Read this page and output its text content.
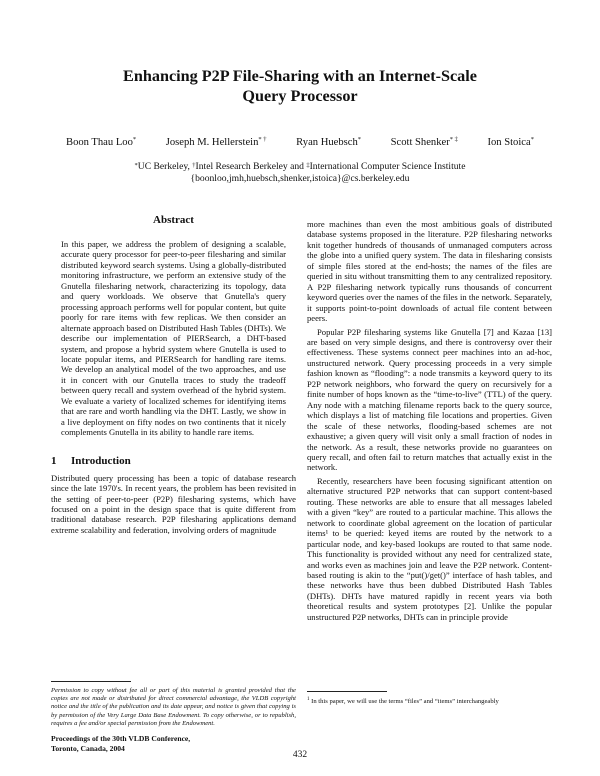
Enhancing P2P File-Sharing with an Internet-Scale
Query Processor
Boon Thau Loo*	Joseph M. Hellerstein* †	Ryan Huebsch*	Scott Shenker* ‡	Ion Stoica*
*UC Berkeley, †Intel Research Berkeley and ‡International Computer Science Institute
{boonloo,jmh,huebsch,shenker,istoica}@cs.berkeley.edu
Abstract

In this paper, we address the problem of designing a scalable, accurate query processor for peer-to-peer filesharing and similar distributed keyword search systems. Using a globally-distributed monitoring infrastructure, we perform an extensive study of the Gnutella filesharing network, characterizing its topology, data and query workloads. We observe that Gnutella's query processing approach performs well for popular content, but quite poorly for rare items with few replicas. We then consider an alternate approach based on Distributed Hash Tables (DHTs). We describe our implementation of PIERSearch, a DHT-based system, and propose a hybrid system where Gnutella is used to locate popular items, and PIERSearch for handling rare items. We develop an analytical model of the two approaches, and use it in concert with our Gnutella traces to study the tradeoff between query recall and system overhead of the hybrid system. We evaluate a variety of localized schemes for identifying items that are rare and worth handling via the DHT. Lastly, we show in a live deployment on fifty nodes on two continents that it nicely complements Gnutella in its ability to handle rare items.

1 Introduction

Distributed query processing has been a topic of database research since the late 1970's. In recent years, the problem has been revisited in the setting of peer-to-peer (P2P) filesharing systems, which have focused on a point in the design space that is quite different from traditional database research. P2P filesharing applications demand extreme scalability and federation, involving orders of magnitude

Permission to copy without fee all or part of this material is granted provided that the copies are not made or distributed for direct commercial advantage, the VLDB copyright notice and the title of the publication and its date appear, and notice is given that copying is by permission of the Very Large Data Base Endowment. To copy otherwise, or to republish, requires a fee and/or special permission from the Endowment.

Proceedings of the 30th VLDB Conference,
Toronto, Canada, 2004

more machines than even the most ambitious goals of distributed database systems proposed in the literature. P2P filesharing networks knit together hundreds of thousands of unmanaged computers across the globe into a unified query system. The data in filesharing consists of simple files stored at the end-hosts; the names of the files are queried in situ without transmitting them to any centralized repository. A P2P filesharing network typically runs thousands of concurrent keyword queries over the names of the files in the network. Separately, it supports point-to-point downloads of actual file content between peers.

Popular P2P filesharing systems like Gnutella [7] and Kazaa [13] are based on very simple designs, and there is controversy over their effectiveness. These systems connect peer machines into an ad-hoc, unstructured network. Query processing proceeds in a very simple fashion known as “flooding”: a node transmits a keyword query to its P2P network neighbors, who forward the query on recursively for a finite number of hops known as the “time-to-live” (TTL) of the query. Any node with a matching filename reports back to the query source, which displays a list of matching file locations and properties. Given the scale of these networks, flooding-based schemes are not exhaustive; a given query will visit only a small fraction of nodes in the network. As a result, these networks provide no guarantees on query recall, and often fail to return matches that actually exist in the network.

Recently, researchers have been focusing significant attention on alternative structured P2P networks that can support content-based routing. These networks are able to ensure that all messages labeled with a given “key” are routed to a particular machine. This allows the network to coordinate global agreement on the location of particular items¹ to be queried: keyed items are routed by the network to a particular node, and key-based lookups are routed to that same node. This functionality is provided without any need for centralized state, and works even as machines join and leave the P2P network. Content-based routing is akin to the “put()/get()” interface of hash tables, and these networks have thus been dubbed Distributed Hash Tables (DHTs). DHTs have matured rapidly in recent years via both theoretical results and system prototypes [2]. Unlike the popular unstructured P2P networks, DHTs can in principle provide

$^1$ In this paper, we will use the terms “files” and “items” interchangeably

432
